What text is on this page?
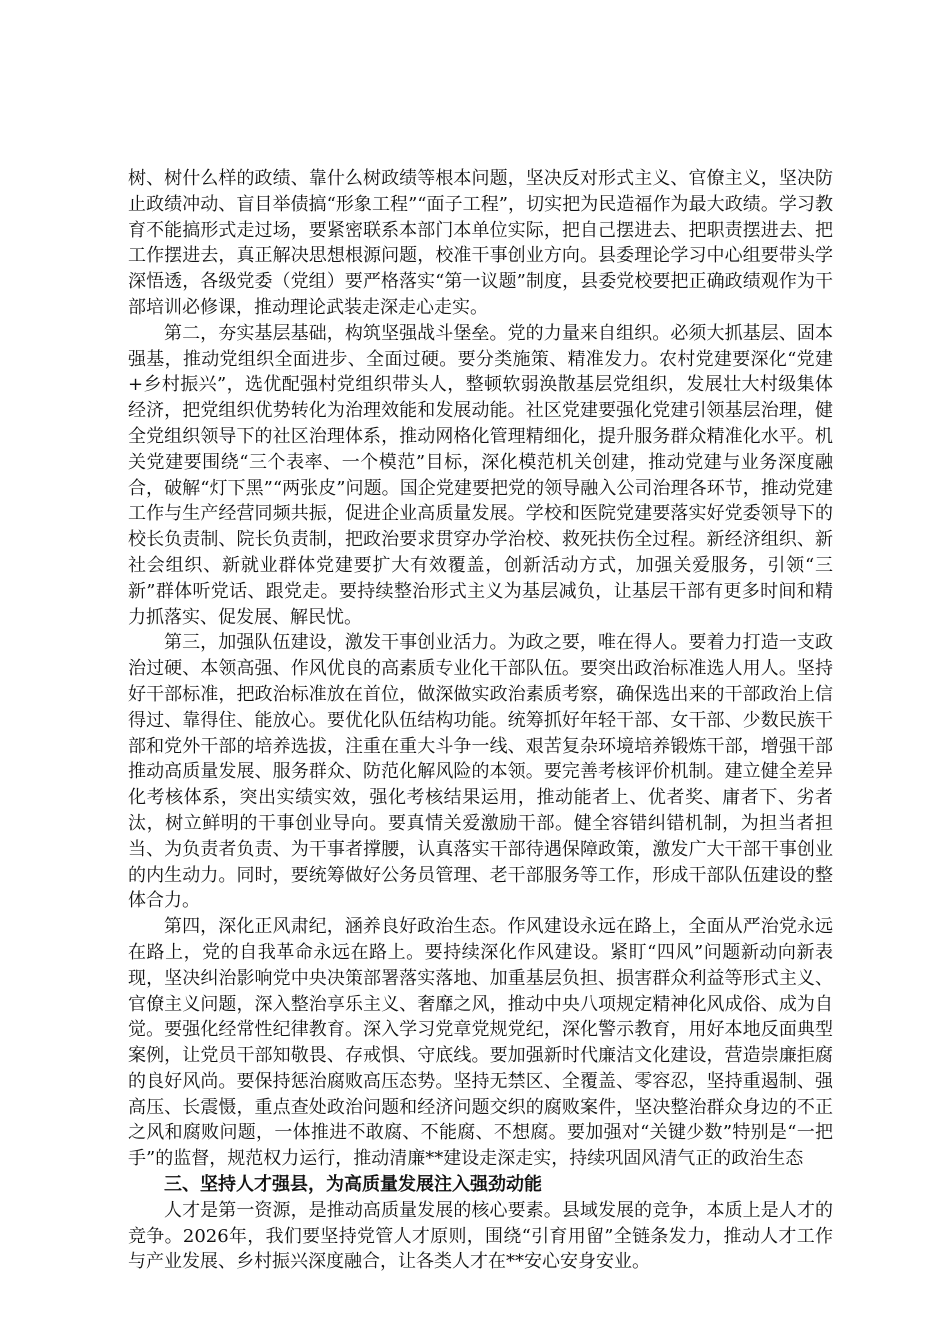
树、树什么样的政绩、靠什么树政绩等根本问题，坚决反对形式主义、官僚主义，坚决防止政绩冲动、盲目举债搞“形象工程”“面子工程”，切实把为民造福作为最大政绩。学习教育不能搞形式走过场，要紧密联系本部门本单位实际，把自己摆进去、把职责摆进去、把工作摆进去，真正解决思想根源问题，校准干事创业方向。县委理论学习中心组要带头学深悟透，各级党委（党组）要严格落实“第一议题”制度，县委党校要把正确政绩观作为干部培训必修课，推动理论武装走深走心走实。

第二，夯实基层基础，构筑坚强战斗堡垒。党的力量来自组织。必须大抓基层、固本强基，推动党组织全面进步、全面过硬。要分类施策、精准发力。农村党建要深化“党建+乡村振兴”，选优配强村党组织带头人，整顿软弱涣散基层党组织，发展壮大村级集体经济，把党组织优势转化为治理效能和发展动能。社区党建要强化党建引领基层治理，健全党组织领导下的社区治理体系，推动网格化管理精细化，提升服务群众精准化水平。机关党建要围绕“三个表率、一个模范”目标，深化模范机关创建，推动党建与业务深度融合，破解“灯下黑”“两张皮”问题。国企党建要把党的领导融入公司治理各环节，推动党建工作与生产经营同频共振，促进企业高质量发展。学校和医院党建要落实好党委领导下的校长负责制、院长负责制，把政治要求贯穿办学治校、救死扶伤全过程。新经济组织、新社会组织、新就业群体党建要扩大有效覆盖，创新活动方式，加强关爱服务，引领“三新”群体听党话、跟党走。要持续整治形式主义为基层减负，让基层干部有更多时间和精力抓落实、促发展、解民忧。

第三，加强队伍建设，激发干事创业活力。为政之要，唯在得人。要着力打造一支政治过硬、本领高强、作风优良的高素质专业化干部队伍。要突出政治标准选人用人。坚持好干部标准，把政治标准放在首位，做深做实政治素质考察，确保选出来的干部政治上信得过、靠得住、能放心。要优化队伍结构功能。统筹抓好年轻干部、女干部、少数民族干部和党外干部的培养选拔，注重在重大斗争一线、艰苦复杂环境培养锻炼干部，增强干部推动高质量发展、服务群众、防范化解风险的本领。要完善考核评价机制。建立健全差异化考核体系，突出实绩实效，强化考核结果运用，推动能者上、优者奖、庸者下、劣者汰，树立鲜明的干事创业导向。要真情关爱激励干部。健全容错纠错机制，为担当者担当、为负责者负责、为干事者撑腰，认真落实干部待遇保障政策，激发广大干部干事创业的内生动力。同时，要统筹做好公务员管理、老干部服务等工作，形成干部队伍建设的整体合力。

第四，深化正风肃纪，涵养良好政治生态。作风建设永远在路上，全面从严治党永远在路上，党的自我革命永远在路上。要持续深化作风建设。紧盯“四风”问题新动向新表现，坚决纠治影响党中央决策部署落实落地、加重基层负担、损害群众利益等形式主义、官僚主义问题，深入整治享乐主义、奢靡之风，推动中央八项规定精神化风成俗、成为自觉。要强化经常性纪律教育。深入学习党章党规党纪，深化警示教育，用好本地反面典型案例，让党员干部知敬畏、存戒惧、守底线。要加强新时代廉洁文化建设，营造崇廉拒腐的良好风尚。要保持惩治腐败高压态势。坚持无禁区、全覆盖、零容忍，坚持重遏制、强高压、长震慑，重点查处政治问题和经济问题交织的腐败案件，坚决整治群众身边的不正之风和腐败问题，一体推进不敢腐、不能腐、不想腐。要加强对“关键少数”特别是“一把手”的监督，规范权力运行，推动清廉**建设走深走实，持续巩固风清气正的政治生态

三、坚持人才强县，为高质量发展注入强劲动能

人才是第一资源，是推动高质量发展的核心要素。县域发展的竞争，本质上是人才的竞争。2026年，我们要坚持党管人才原则，围绕“引育用留”全链条发力，推动人才工作与产业发展、乡村振兴深度融合，让各类人才在**安心安身安业。
